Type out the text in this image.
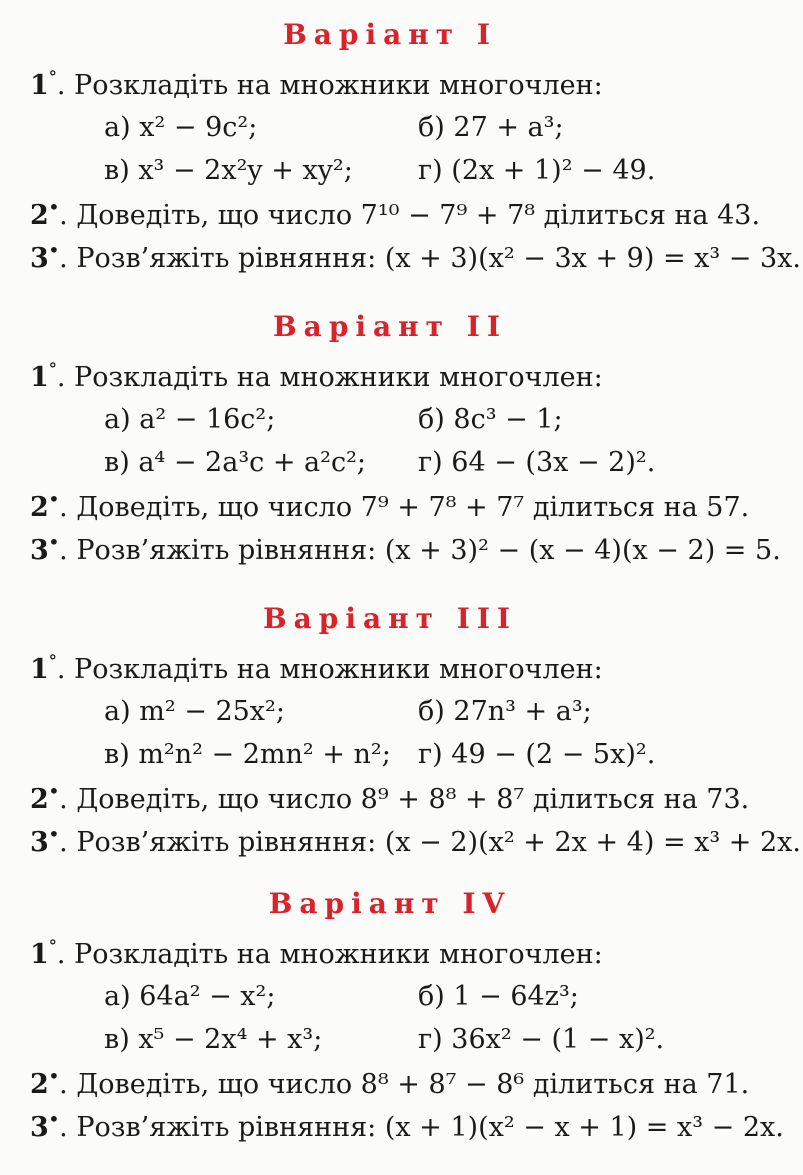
Варіант I
1°. Розкладіть на множники многочлен:
а) x² − 9c²;	б) 27 + a³;
в) x³ − 2x²y + xy²; г) (2x + 1)² − 49.
2•. Доведіть, що число 7¹⁰ − 7⁹ + 7⁸ ділиться на 43.
3•. Розв’яжіть рівняння: (x + 3)(x² − 3x + 9) = x³ − 3x.
Варіант II
1°. Розкладіть на множники многочлен:
а) a² − 16c²;	б) 8c³ − 1;
в) a⁴ − 2a³c + a²c²; г) 64 − (3x − 2)².
2•. Доведіть, що число 7⁹ + 7⁸ + 7⁷ ділиться на 57.
3•. Розв’яжіть рівняння: (x + 3)² − (x − 4)(x − 2) = 5.
Варіант III
1°. Розкладіть на множники многочлен:
а) m² − 25x²;	б) 27n³ + a³;
в) m²n² − 2mn² + n²; г) 49 − (2 − 5x)².
2•. Доведіть, що число 8⁹ + 8⁸ + 8⁷ ділиться на 73.
3•. Розв’яжіть рівняння: (x − 2)(x² + 2x + 4) = x³ + 2x.
Варіант IV
1°. Розкладіть на множники многочлен:
а) 64a² − x²;	б) 1 − 64z³;
в) x⁵ − 2x⁴ + x³;	г) 36x² − (1 − x)².
2•. Доведіть, що число 8⁸ + 8⁷ − 8⁶ ділиться на 71.
3•. Розв’яжіть рівняння: (x + 1)(x² − x + 1) = x³ − 2x.
